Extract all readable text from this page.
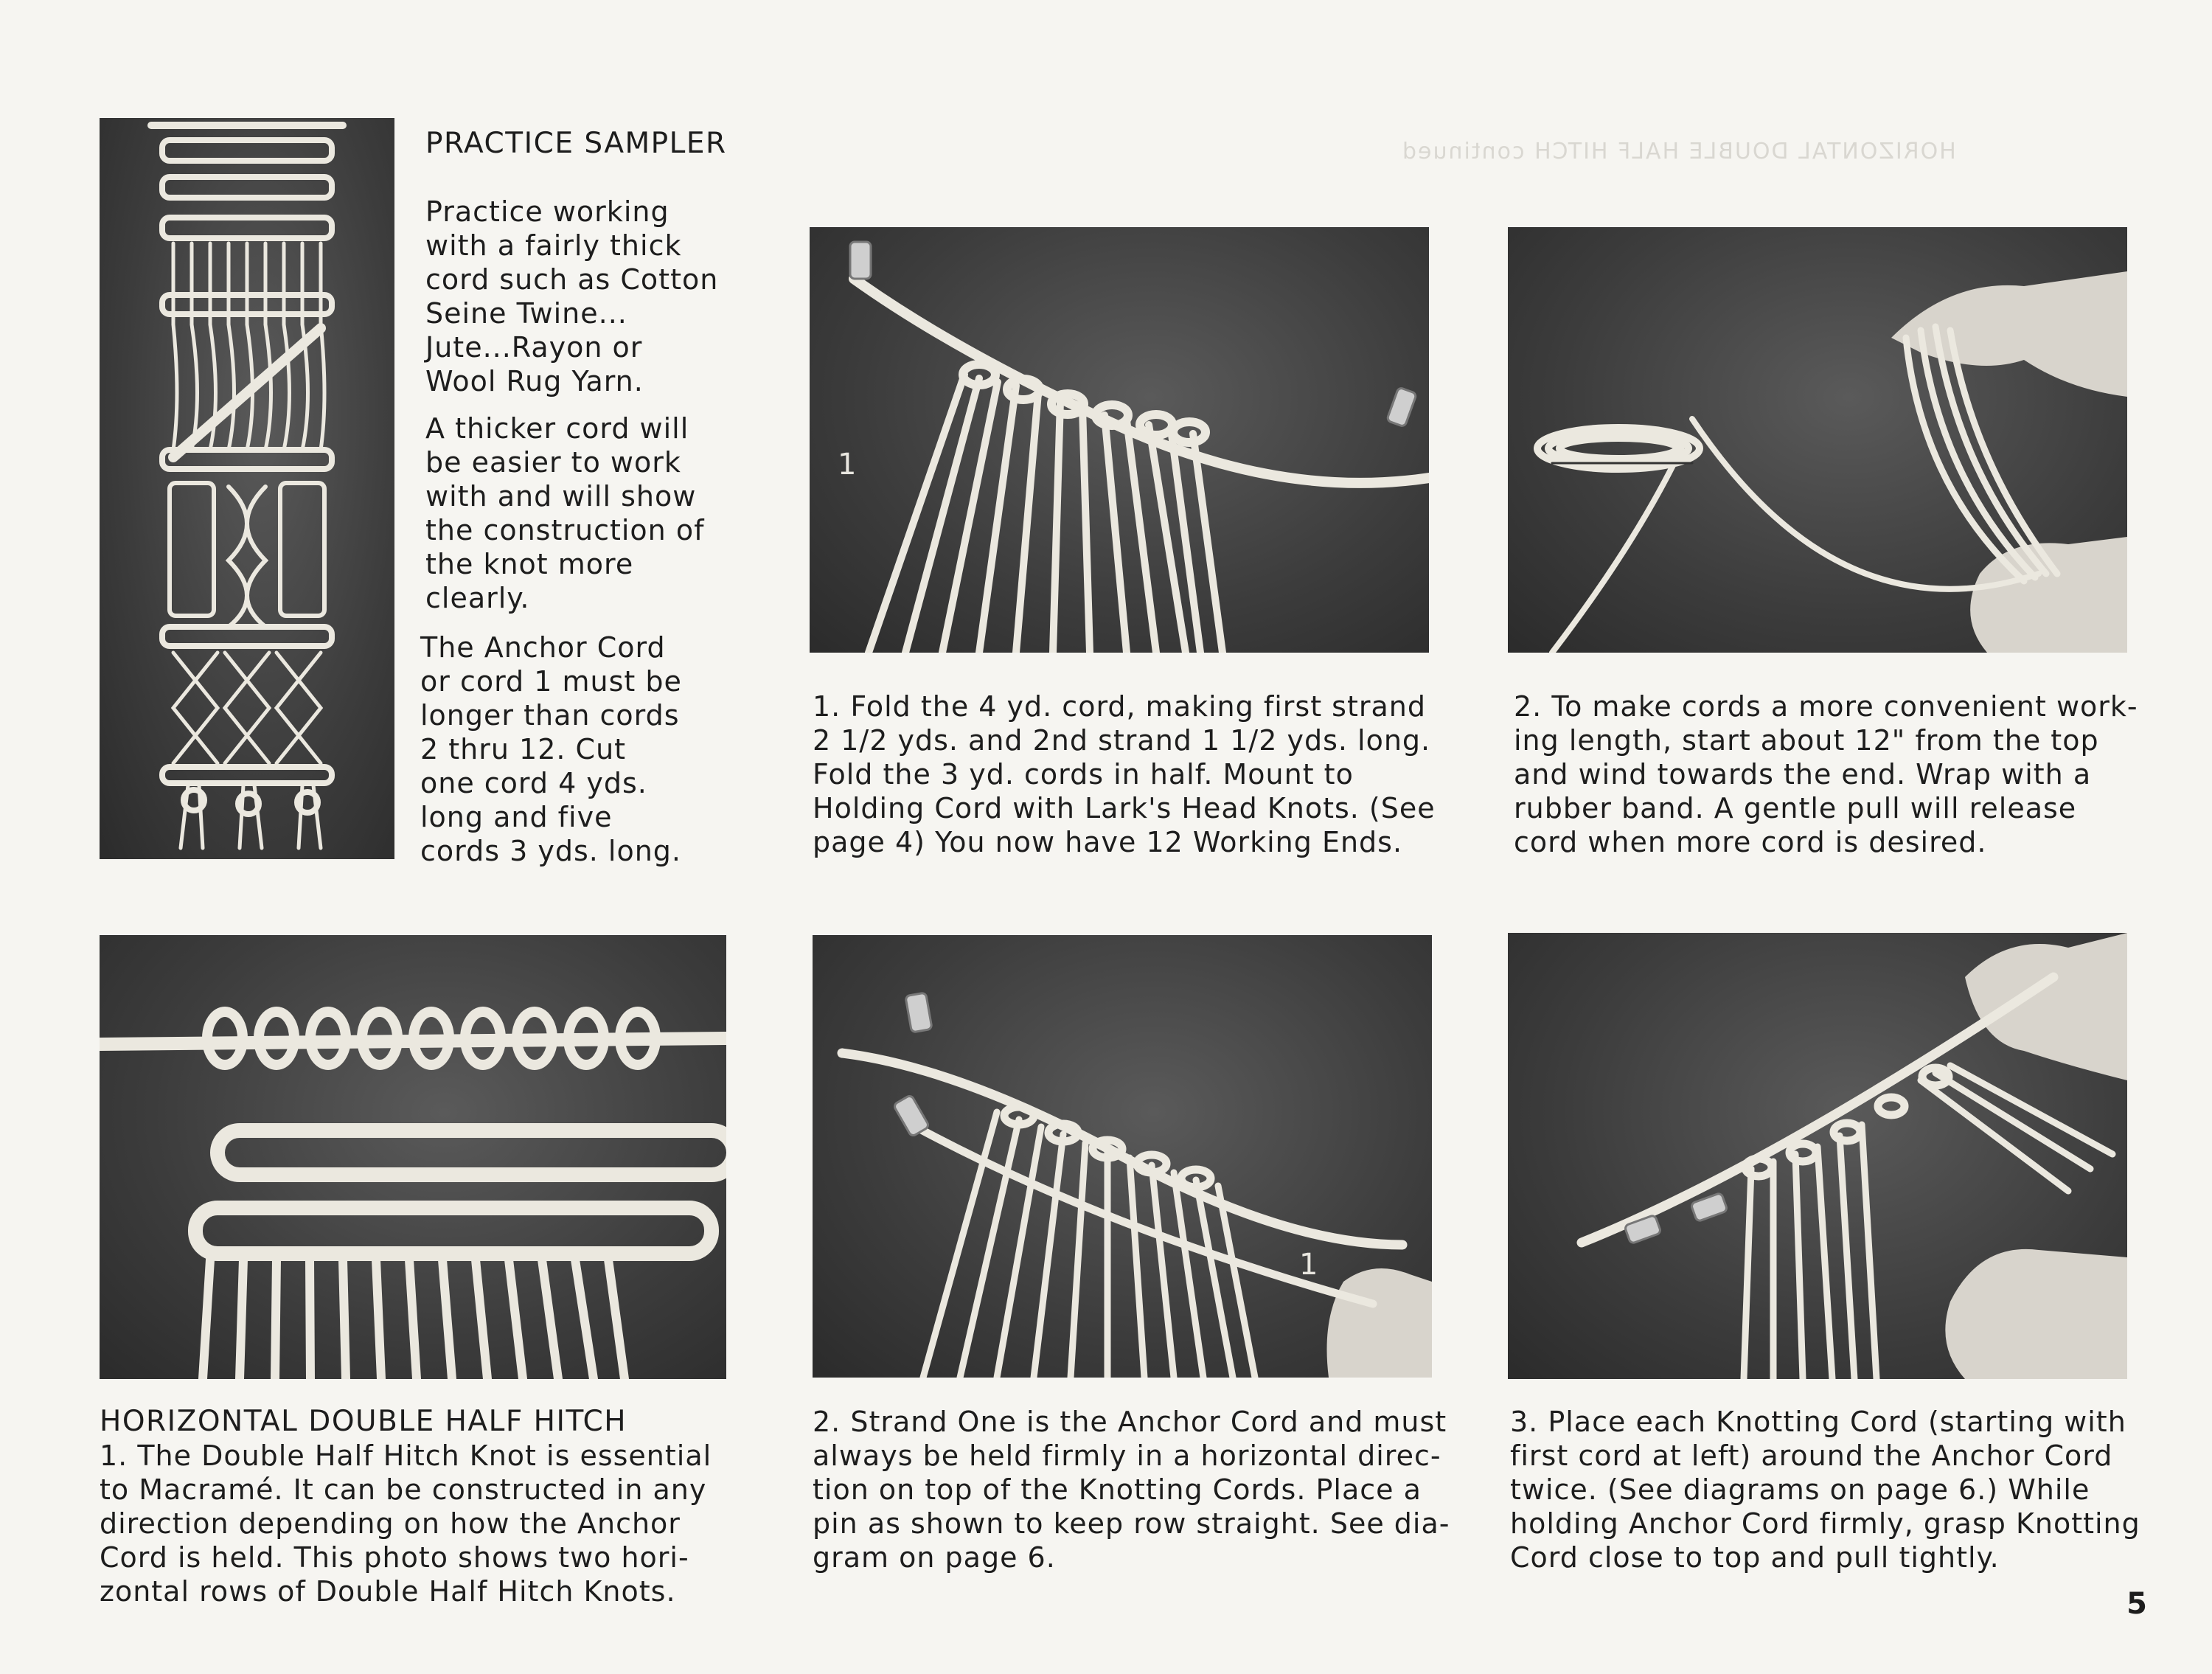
HORIZONTAL DOUBLE HALF HITCH continued

PRACTICE SAMPLER

Practice working
with a fairly thick
cord such as Cotton
Seine Twine...
Jute...Rayon or
Wool Rug Yarn.

A thicker cord will
be easier to work
with and will show
the construction of
the knot more
clearly.

The Anchor Cord
or cord 1 must be
longer than cords
2 thru 12. Cut
one cord 4 yds.
long and five
cords 3 yds. long.

1

1. Fold the 4 yd. cord, making first strand
2 1/2 yds. and 2nd strand 1 1/2 yds. long.
Fold the 3 yd. cords in half. Mount to
Holding Cord with Lark's Head Knots. (See
page 4) You now have 12 Working Ends.

2. To make cords a more convenient work-
ing length, start about 12" from the top
and wind towards the end. Wrap with a
rubber band. A gentle pull will release
cord when more cord is desired.

HORIZONTAL DOUBLE HALF HITCH

1. The Double Half Hitch Knot is essential
to Macramé. It can be constructed in any
direction depending on how the Anchor
Cord is held. This photo shows two hori-
zontal rows of Double Half Hitch Knots.

1

2. Strand One is the Anchor Cord and must
always be held firmly in a horizontal direc-
tion on top of the Knotting Cords. Place a
pin as shown to keep row straight. See dia-
gram on page 6.

3. Place each Knotting Cord (starting with
first cord at left) around the Anchor Cord
twice. (See diagrams on page 6.) While
holding Anchor Cord firmly, grasp Knotting
Cord close to top and pull tightly.

5
